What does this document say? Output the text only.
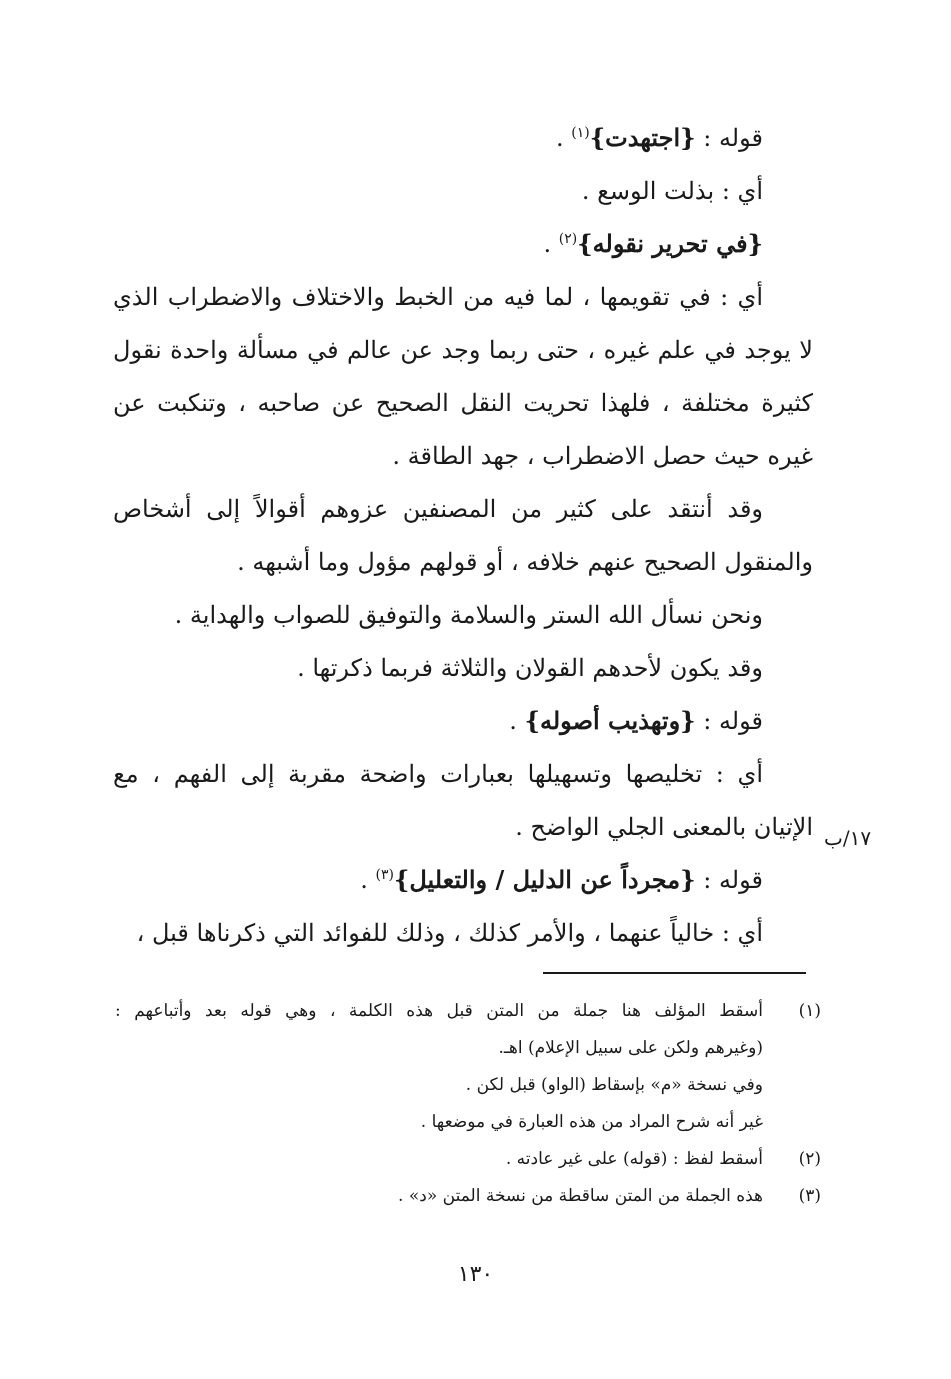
قوله : {اجتهدت}$^{(١)}$ .
أي : بذلت الوسع .
{في تحرير نقوله}$^{(٢)}$ .
أي : في تقويمها ، لما فيه من الخبط والاختلاف والاضطراب الذي
لا يوجد في علم غيره ، حتى ربما وجد عن عالم في مسألة واحدة نقول
كثيرة مختلفة ، فلهذا تحريت النقل الصحيح عن صاحبه ، وتنكبت عن
غيره حيث حصل الاضطراب ، جهد الطاقة .
وقد أنتقد على كثير من المصنفين عزوهم أقوالاً إلى أشخاص
والمنقول الصحيح عنهم خلافه ، أو قولهم مؤول وما أشبهه .
ونحن نسأل الله الستر والسلامة والتوفيق للصواب والهداية .
وقد يكون لأحدهم القولان والثلاثة فربما ذكرتها .
قوله : {وتهذيب أصوله} .
أي : تخليصها وتسهيلها بعبارات واضحة مقربة إلى الفهم ، مع
الإتيان بالمعنى الجلي الواضح .
قوله : {مجرداً عن الدليل / والتعليل}$^{(٣)}$ .
أي : خالياً عنهما ، والأمر كذلك ، وذلك للفوائد التي ذكرناها قبل ،
١٧/ب
(١)أسقط المؤلف هنا جملة من المتن قبل هذه الكلمة ، وهي قوله بعد وأتباعهم :
(وغيرهم ولكن على سبيل الإعلام) اهـ.
وفي نسخة «م» بإسقاط (الواو) قبل لكن .
غير أنه شرح المراد من هذه العبارة في موضعها .
(٢)أسقط لفظ : (قوله) على غير عادته .
(٣)هذه الجملة من المتن ساقطة من نسخة المتن «د» .
١٣٠
